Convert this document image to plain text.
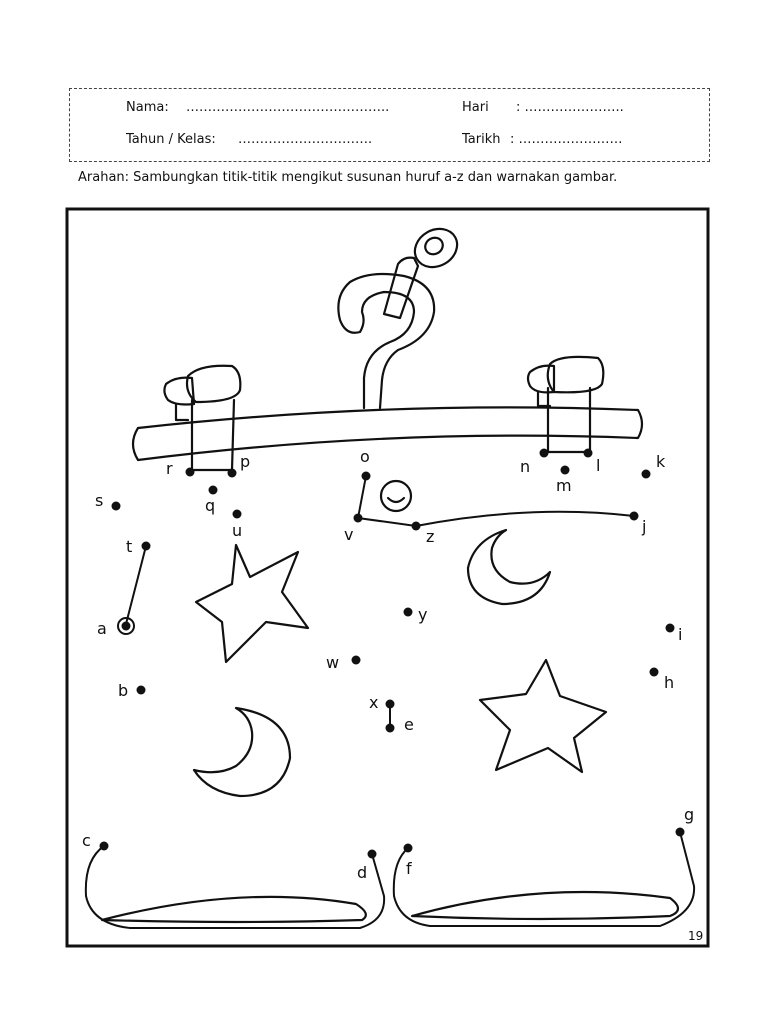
Nama: ………………………………………..	Hari : …………………..
Tahun / Kelas: ………………………….	Tarikh : ……………………
Arahan: Sambungkan titik-titik mengikut susunan huruf a-z dan warnakan gambar.
r	p
q
u
s
t
a
o
v	z
n
m
l	k
j
y
i
w
h
b
x
e
c
d f
g
19
